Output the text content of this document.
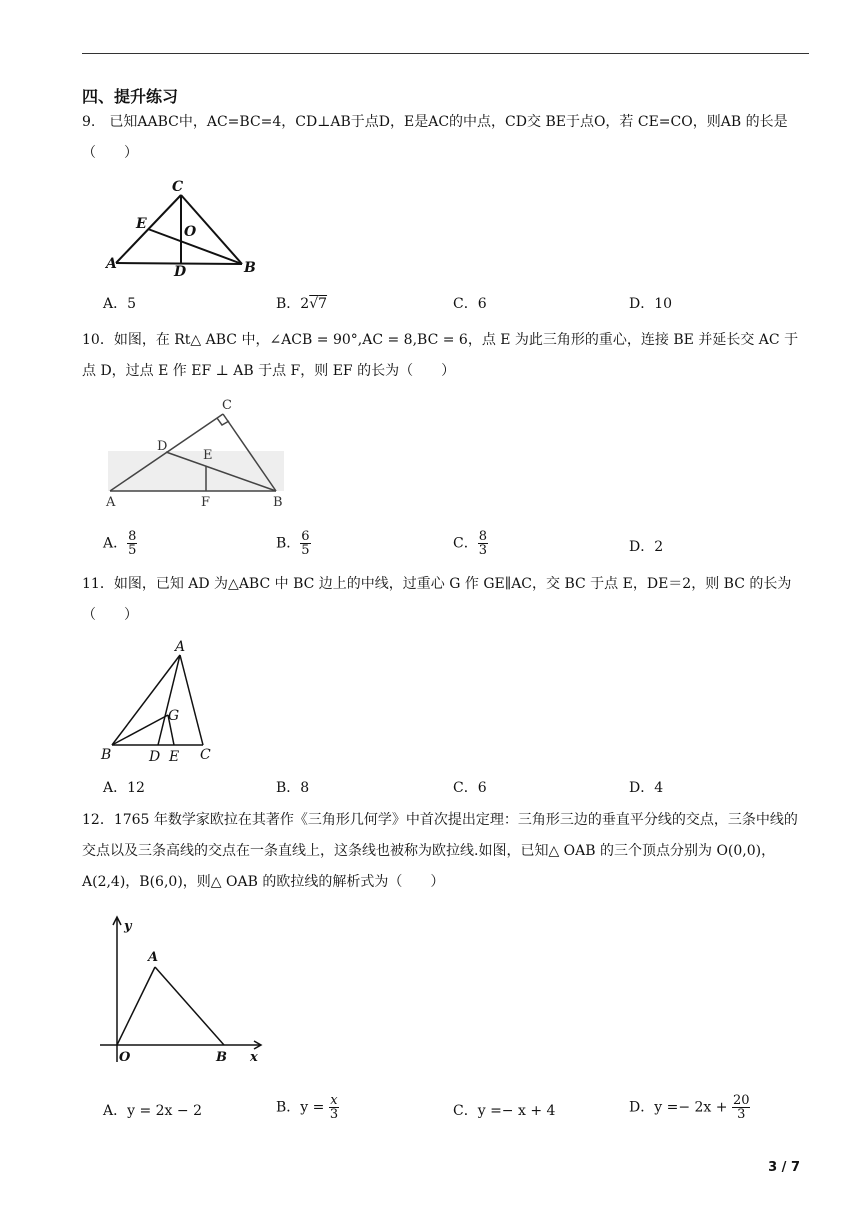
四、提升练习
9.　已知AABC中，AC=BC=4，CD⊥AB于点D，E是AC的中点，CD交 BE于点O，若 CE=CO，则AB 的长是（　　）
C
E	O
A	D	B
A．5	B．2√7	C．6	D．10
10．如图，在 Rt△ ABC 中，∠ACB = 90°,AC = 8,BC = 6，点 E 为此三角形的重心，连接 BE 并延长交 AC 于点 D，过点 E 作 EF ⊥ AB 于点 F，则 EF 的长为（　　）
C
D
E
A	F	B
A． $\frac{8}{5}$	B． $\frac{6}{5}$	C． $\frac{8}{3}$	D．2
11．如图，已知 AD 为△ABC 中 BC 边上的中线，过重心 G 作 GE∥AC，交 BC 于点 E，DE＝2，则 BC 的长为（　　）
A
G
B	D E C
A．12	B．8	C．6	D．4
12．1765 年数学家欧拉在其著作《三角形几何学》中首次提出定理：三角形三边的垂直平分线的交点，三条中线的交点以及三条高线的交点在一条直线上，这条线也被称为欧拉线.如图，已知△ OAB 的三个顶点分别为 O(0,0)，A(2,4)，B(6,0)，则△ OAB 的欧拉线的解析式为（　　）
y
A
O	B x
A．y = 2x − 2	B．$y = \frac{x}{3}$	C．y =− x + 4	D．$y =- 2x + \frac{20}{3}$
3 / 7
